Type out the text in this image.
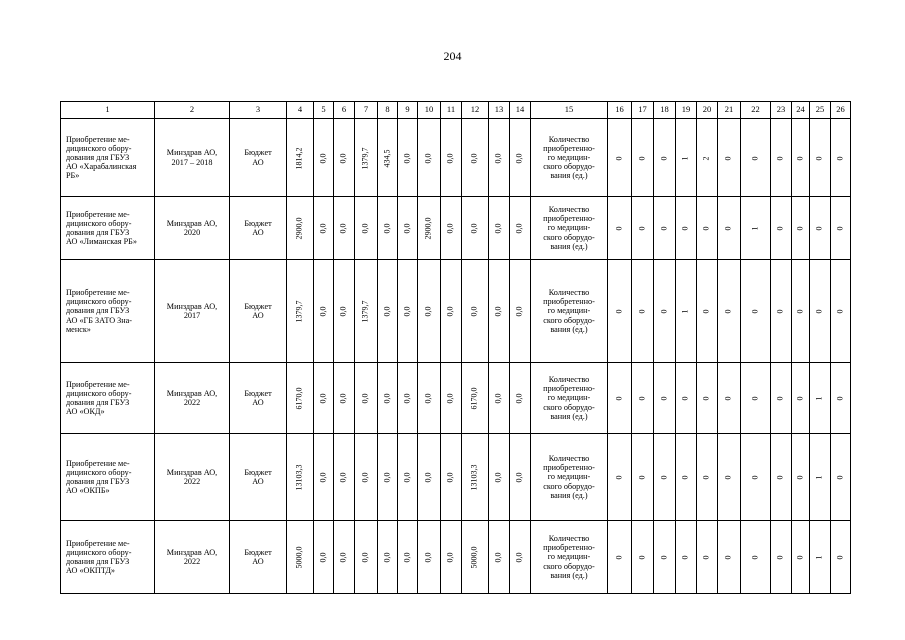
204
1	2	3	4	5	6	7	8	9	10	11	12	13	14	15	16	17	18	19	20	21	22	23	24	25	26
Приобретение ме-
дицинского обору-
дования для ГБУЗ
АО «Харабалинская
РБ»	Минздрав АО,
2017 – 2018	Бюджет
АО	1814,2	0,0	0,0	1379,7	434,5	0,0	0,0	0,0	0,0	0,0	0,0	Количество
приобретенно-
го медицин-
ского оборудо-
вания (ед.)	0	0	0	1	2	0	0	0	0	0	0
Приобретение ме-
дицинского обору-
дования для ГБУЗ
АО «Лиманская РБ»	Минздрав АО,
2020	Бюджет
АО	2900,0	0,0	0,0	0,0	0,0	0,0	2900,0	0,0	0,0	0,0	0,0	Количество
приобретенно-
го медицин-
ского оборудо-
вания (ед.)	0	0	0	0	0	0	1	0	0	0	0
Приобретение ме-
дицинского обору-
дования для ГБУЗ
АО «ГБ ЗАТО Зна-
менск»	Минздрав АО,
2017	Бюджет
АО	1379,7	0,0	0,0	1379,7	0,0	0,0	0,0	0,0	0,0	0,0	0,0	Количество
приобретенно-
го медицин-
ского оборудо-
вания (ед.)	0	0	0	1	0	0	0	0	0	0	0
Приобретение ме-
дицинского обору-
дования для ГБУЗ
АО «ОКД»	Минздрав АО,
2022	Бюджет
АО	6170,0	0,0	0,0	0,0	0,0	0,0	0,0	0,0	6170,0	0,0	0,0	Количество
приобретенно-
го медицин-
ского оборудо-
вания (ед.)	0	0	0	0	0	0	0	0	0	1	0
Приобретение ме-
дицинского обору-
дования для ГБУЗ
АО «ОКПБ»	Минздрав АО,
2022	Бюджет
АО	13103,3	0,0	0,0	0,0	0,0	0,0	0,0	0,0	13103,3	0,0	0,0	Количество
приобретенно-
го медицин-
ского оборудо-
вания (ед.)	0	0	0	0	0	0	0	0	0	1	0
Приобретение ме-
дицинского обору-
дования для ГБУЗ
АО «ОКПТД»	Минздрав АО,
2022	Бюджет
АО	5000,0	0,0	0,0	0,0	0,0	0,0	0,0	0,0	5000,0	0,0	0,0	Количество
приобретенно-
го медицин-
ского оборудо-
вания (ед.)	0	0	0	0	0	0	0	0	0	1	0
